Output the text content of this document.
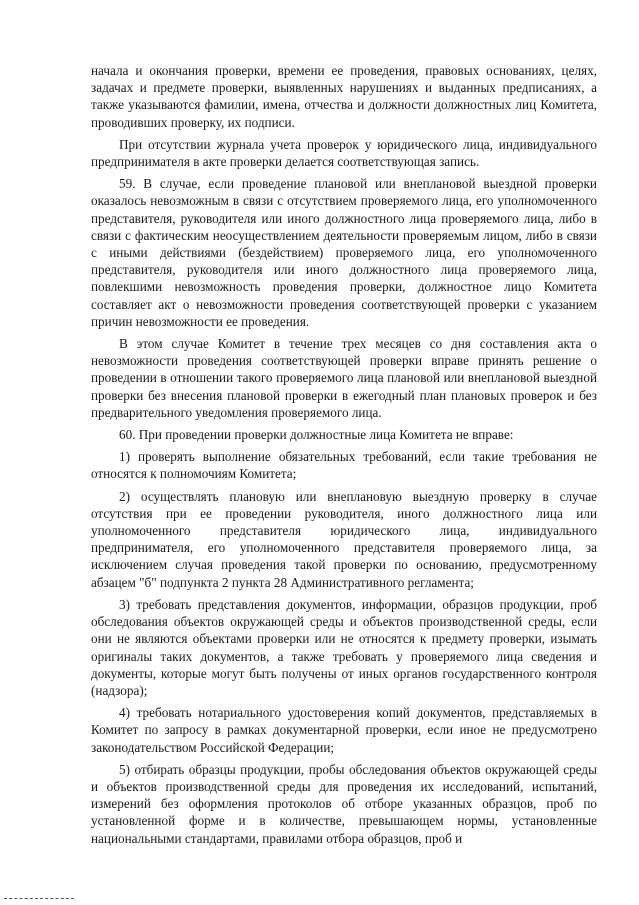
начала и окончания проверки, времени ее проведения, правовых основаниях, целях, задачах и предмете проверки, выявленных нарушениях и выданных предписаниях, а также указываются фамилии, имена, отчества и должности должностных лиц Комитета, проводивших проверку, их подписи.

При отсутствии журнала учета проверок у юридического лица, индивидуального предпринимателя в акте проверки делается соответствующая запись.

59. В случае, если проведение плановой или внеплановой выездной проверки оказалось невозможным в связи с отсутствием проверяемого лица, его уполномоченного представителя, руководителя или иного должностного лица проверяемого лица, либо в связи с фактическим неосуществлением деятельности проверяемым лицом, либо в связи с иными действиями (бездействием) проверяемого лица, его уполномоченного представителя, руководителя или иного должностного лица проверяемого лица, повлекшими невозможность проведения проверки, должностное лицо Комитета составляет акт о невозможности проведения соответствующей проверки с указанием причин невозможности ее проведения.

В этом случае Комитет в течение трех месяцев со дня составления акта о невозможности проведения соответствующей проверки вправе принять решение о проведении в отношении такого проверяемого лица плановой или внеплановой выездной проверки без внесения плановой проверки в ежегодный план плановых проверок и без предварительного уведомления проверяемого лица.

60. При проведении проверки должностные лица Комитета не вправе:

1) проверять выполнение обязательных требований, если такие требования не относятся к полномочиям Комитета;

2) осуществлять плановую или внеплановую выездную проверку в случае отсутствия при ее проведении руководителя, иного должностного лица или уполномоченного представителя юридического лица, индивидуального предпринимателя, его уполномоченного представителя проверяемого лица, за исключением случая проведения такой проверки по основанию, предусмотренному абзацем "б" подпункта 2 пункта 28 Административного регламента;

3) требовать представления документов, информации, образцов продукции, проб обследования объектов окружающей среды и объектов производственной среды, если они не являются объектами проверки или не относятся к предмету проверки, изымать оригиналы таких документов, а также требовать у проверяемого лица сведения и документы, которые могут быть получены от иных органов государственного контроля (надзора);

4) требовать нотариального удостоверения копий документов, представляемых в Комитет по запросу в рамках документарной проверки, если иное не предусмотрено законодательством Российской Федерации;

5) отбирать образцы продукции, пробы обследования объектов окружающей среды и объектов производственной среды для проведения их исследований, испытаний, измерений без оформления протоколов об отборе указанных образцов, проб по установленной форме и в количестве, превышающем нормы, установленные национальными стандартами, правилами отбора образцов, проб и
